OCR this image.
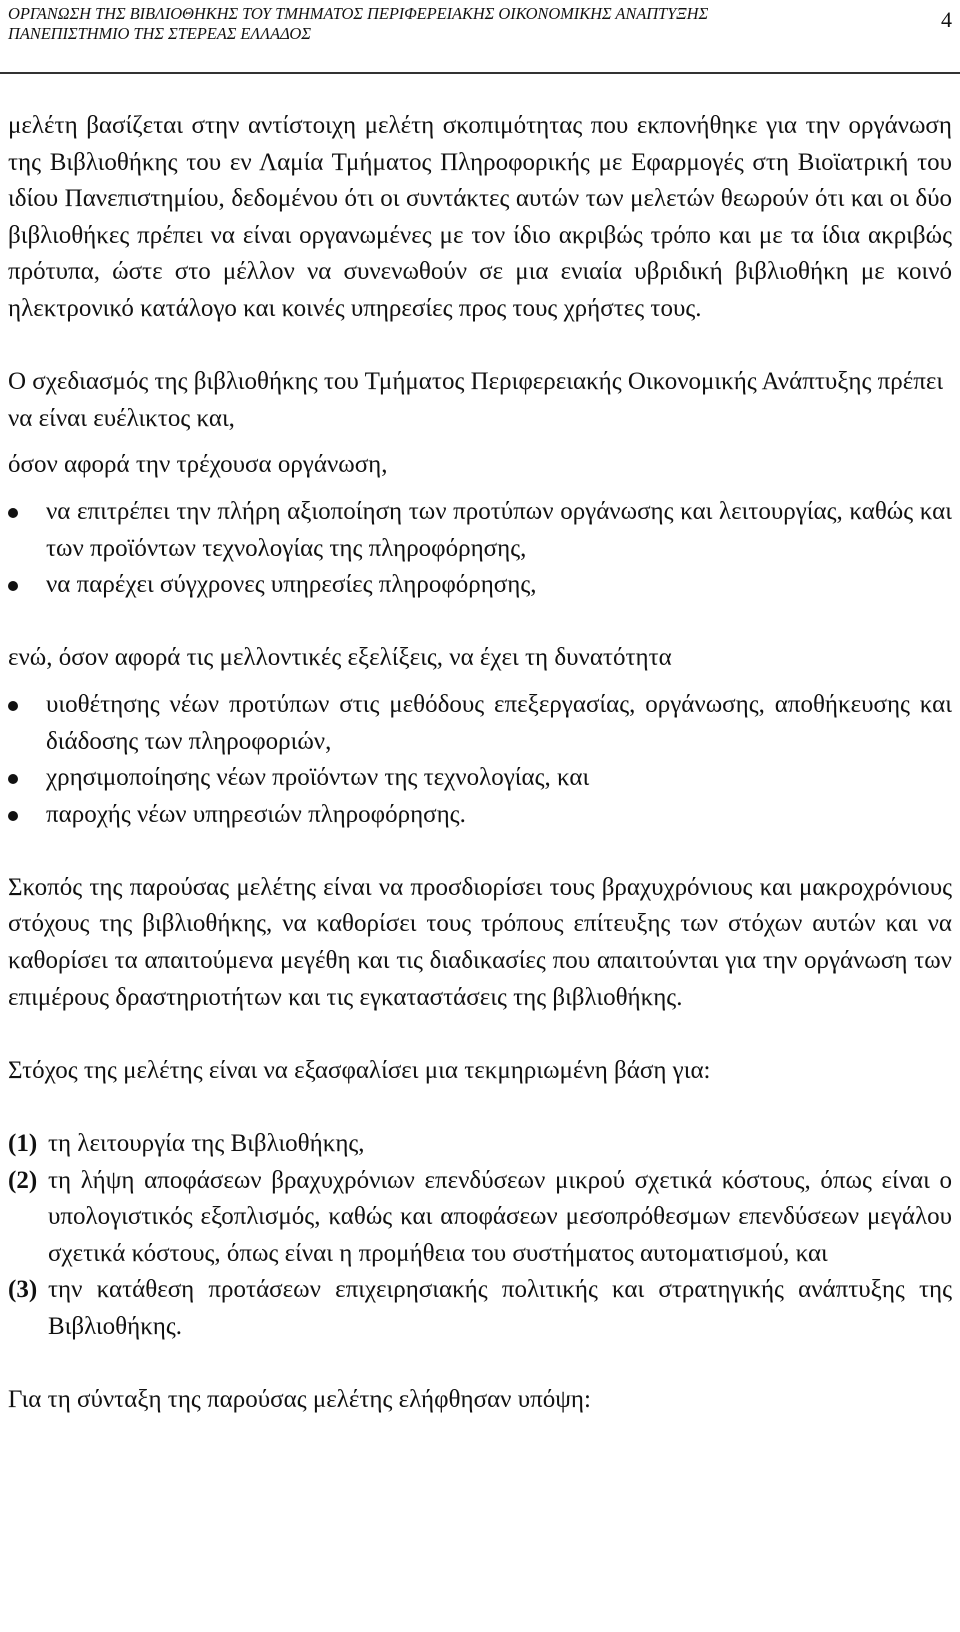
ΟΡΓΑΝΩΣΗ ΤΗΣ ΒΙΒΛΙΟΘΗΚΗΣ ΤΟΥ ΤΜΗΜΑΤΟΣ ΠΕΡΙΦΕΡΕΙΑΚΗΣ ΟΙΚΟΝΟΜΙΚΗΣ ΑΝΑΠΤΥΞΗΣ
ΠΑΝΕΠΙΣΤΗΜΙΟ ΤΗΣ ΣΤΕΡΕΑΣ ΕΛΛΑΔΟΣ
4

μελέτη βασίζεται στην αντίστοιχη μελέτη σκοπιμότητας που εκπονήθηκε για την οργάνωση της Βιβλιοθήκης του εν Λαμία Τμήματος Πληροφορικής με Εφαρμογές στη Βιοϊατρική του ιδίου Πανεπιστημίου, δεδομένου ότι οι συντάκτες αυτών των μελετών θεωρούν ότι και οι δύο βιβλιοθήκες πρέπει να είναι οργανωμένες με τον ίδιο ακριβώς τρόπο και με τα ίδια ακριβώς πρότυπα, ώστε στο μέλλον να συνενωθούν σε μια ενιαία υβριδική βιβλιοθήκη με κοινό ηλεκτρονικό κατάλογο και κοινές υπηρεσίες προς τους χρήστες τους.

Ο σχεδιασμός της βιβλιοθήκης του Τμήματος Περιφερειακής Οικονομικής Ανάπτυξης πρέπει να είναι ευέλικτος και,

όσον αφορά την τρέχουσα οργάνωση,

να επιτρέπει την πλήρη αξιοποίηση των προτύπων οργάνωσης και λειτουργίας, καθώς και των προϊόντων τεχνολογίας της πληροφόρησης,
να παρέχει σύγχρονες υπηρεσίες πληροφόρησης,

ενώ, όσον αφορά τις μελλοντικές εξελίξεις, να έχει τη δυνατότητα

υιοθέτησης νέων προτύπων στις μεθόδους επεξεργασίας, οργάνωσης, αποθήκευσης και διάδοσης των πληροφοριών,
χρησιμοποίησης νέων προϊόντων της τεχνολογίας, και
παροχής νέων υπηρεσιών πληροφόρησης.

Σκοπός της παρούσας μελέτης είναι να προσδιορίσει τους βραχυχρόνιους και μακροχρόνιους στόχους της βιβλιοθήκης, να καθορίσει τους τρόπους επίτευξης των στόχων αυτών και να καθορίσει τα απαιτούμενα μεγέθη και τις διαδικασίες που απαιτούνται για την οργάνωση των επιμέρους δραστηριοτήτων και τις εγκαταστάσεις της βιβλιοθήκης.

Στόχος της μελέτης είναι να εξασφαλίσει μια τεκμηριωμένη βάση για:

(1) τη λειτουργία της Βιβλιοθήκης,
(2) τη λήψη αποφάσεων βραχυχρόνιων επενδύσεων μικρού σχετικά κόστους, όπως είναι ο υπολογιστικός εξοπλισμός, καθώς και αποφάσεων μεσοπρόθεσμων επενδύσεων μεγάλου σχετικά κόστους, όπως είναι η προμήθεια του συστήματος αυτοματισμού, και
(3) την κατάθεση προτάσεων επιχειρησιακής πολιτικής και στρατηγικής ανάπτυξης της Βιβλιοθήκης.

Για τη σύνταξη της παρούσας μελέτης ελήφθησαν υπόψη:
